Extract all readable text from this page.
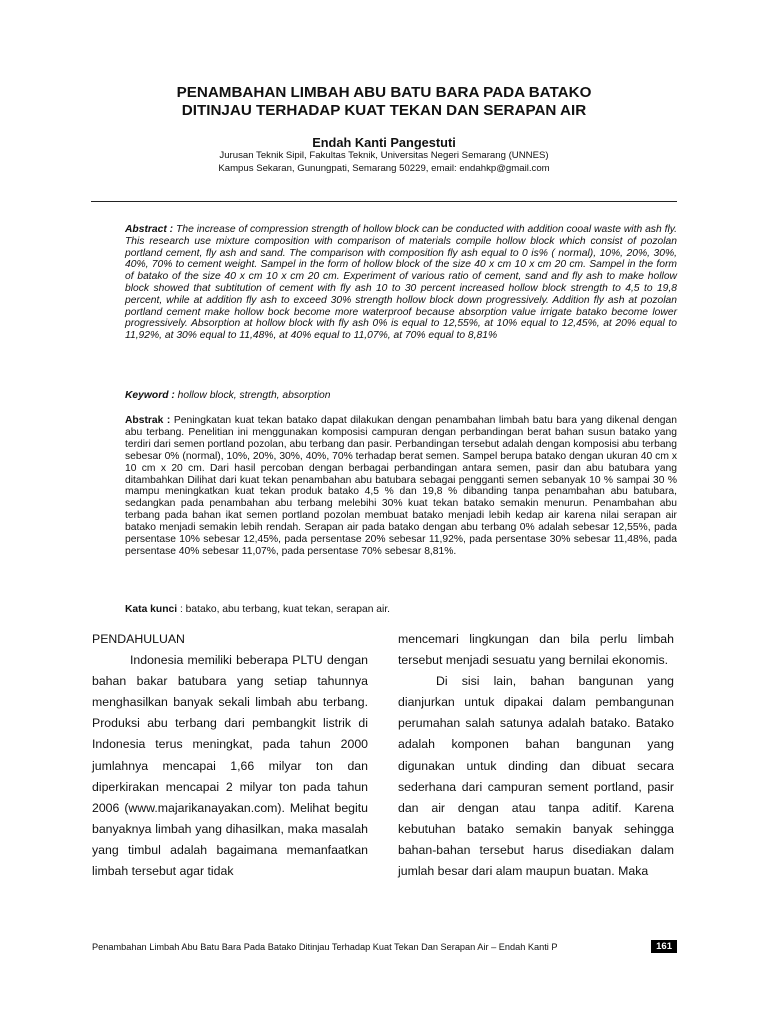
PENAMBAHAN LIMBAH ABU BATU BARA PADA BATAKO
DITINJAU TERHADAP KUAT TEKAN DAN SERAPAN AIR
Endah Kanti Pangestuti
Jurusan Teknik Sipil, Fakultas Teknik, Universitas Negeri Semarang (UNNES)
Kampus Sekaran, Gunungpati, Semarang 50229, email: endahkp@gmail.com
Abstract : The increase of compression strength of hollow block can be conducted with addition cooal waste with ash fly. This research use mixture composition with comparison of materials compile hollow block which consist of pozolan portland cement, fly ash and sand. The comparison with composition fly ash equal to 0 is% ( normal), 10%, 20%, 30%, 40%, 70% to cement weight. Sampel in the form of hollow block of the size 40 x cm 10 x cm 20 cm. Sampel in the form of batako of the size 40 x cm 10 x cm 20 cm. Experiment of various ratio of cement, sand and fly ash to make hollow block showed that subtitution of cement with fly ash 10 to 30 percent increased hollow block strength to 4,5 to 19,8 percent, while at addition fly ash to exceed 30% strength hollow block down progressively. Addition fly ash at pozolan portland cement make hollow bock become more waterproof because absorption value irrigate batako become lower progressively. Absorption at hollow block with fly ash 0% is equal to 12,55%, at 10% equal to 12,45%, at 20% equal to 11,92%, at 30% equal to 11,48%, at 40% equal to 11,07%, at 70% equal to 8,81%
Keyword : hollow block, strength, absorption
Abstrak : Peningkatan kuat tekan batako dapat dilakukan dengan penambahan limbah batu bara yang dikenal dengan abu terbang. Penelitian ini menggunakan komposisi campuran dengan perbandingan berat bahan susun batako yang terdiri dari semen portland pozolan, abu terbang dan pasir. Perbandingan tersebut adalah dengan komposisi abu terbang sebesar 0% (normal), 10%, 20%, 30%, 40%, 70% terhadap berat semen. Sampel berupa batako dengan ukuran 40 cm x 10 cm x 20 cm. Dari hasil percoban dengan berbagai perbandingan antara semen, pasir dan abu batubara yang ditambahkan Dilihat dari kuat tekan penambahan abu batubara sebagai pengganti semen sebanyak 10 % sampai 30 % mampu meningkatkan kuat tekan produk batako 4,5 % dan 19,8 % dibanding tanpa penambahan abu batubara, sedangkan pada penambahan abu terbang melebihi 30% kuat tekan batako semakin menurun. Penambahan abu terbang pada bahan ikat semen portland pozolan membuat batako menjadi lebih kedap air karena nilai serapan air batako menjadi semakin lebih rendah. Serapan air pada batako dengan abu terbang 0% adalah sebesar 12,55%, pada persentase 10% sebesar 12,45%, pada persentase 20% sebesar 11,92%, pada persentase 30% sebesar 11,48%, pada persentase 40% sebesar 11,07%, pada persentase 70% sebesar 8,81%.
Kata kunci : batako, abu terbang, kuat tekan, serapan air.

PENDAHULUAN

Indonesia memiliki beberapa PLTU dengan bahan bakar batubara yang setiap tahunnya menghasilkan banyak sekali limbah abu terbang. Produksi abu terbang dari pembangkit listrik di Indonesia terus meningkat, pada tahun 2000 jumlahnya mencapai 1,66 milyar ton dan diperkirakan mencapai 2 milyar ton pada tahun 2006 (www.majarikanayakan.com). Melihat begitu banyaknya limbah yang dihasilkan, maka masalah yang timbul adalah bagaimana memanfaatkan limbah tersebut agar tidak

mencemari lingkungan dan bila perlu limbah tersebut menjadi sesuatu yang bernilai ekonomis.

Di sisi lain, bahan bangunan yang dianjurkan untuk dipakai dalam pembangunan perumahan salah satunya adalah batako. Batako adalah komponen bahan bangunan yang digunakan untuk dinding dan dibuat secara sederhana dari campuran sement portland, pasir dan air dengan atau tanpa aditif. Karena kebutuhan batako semakin banyak sehingga bahan-bahan tersebut harus disediakan dalam jumlah besar dari alam maupun buatan. Maka

Penambahan Limbah Abu Batu Bara Pada Batako Ditinjau Terhadap Kuat Tekan Dan Serapan Air – Endah Kanti P	161
